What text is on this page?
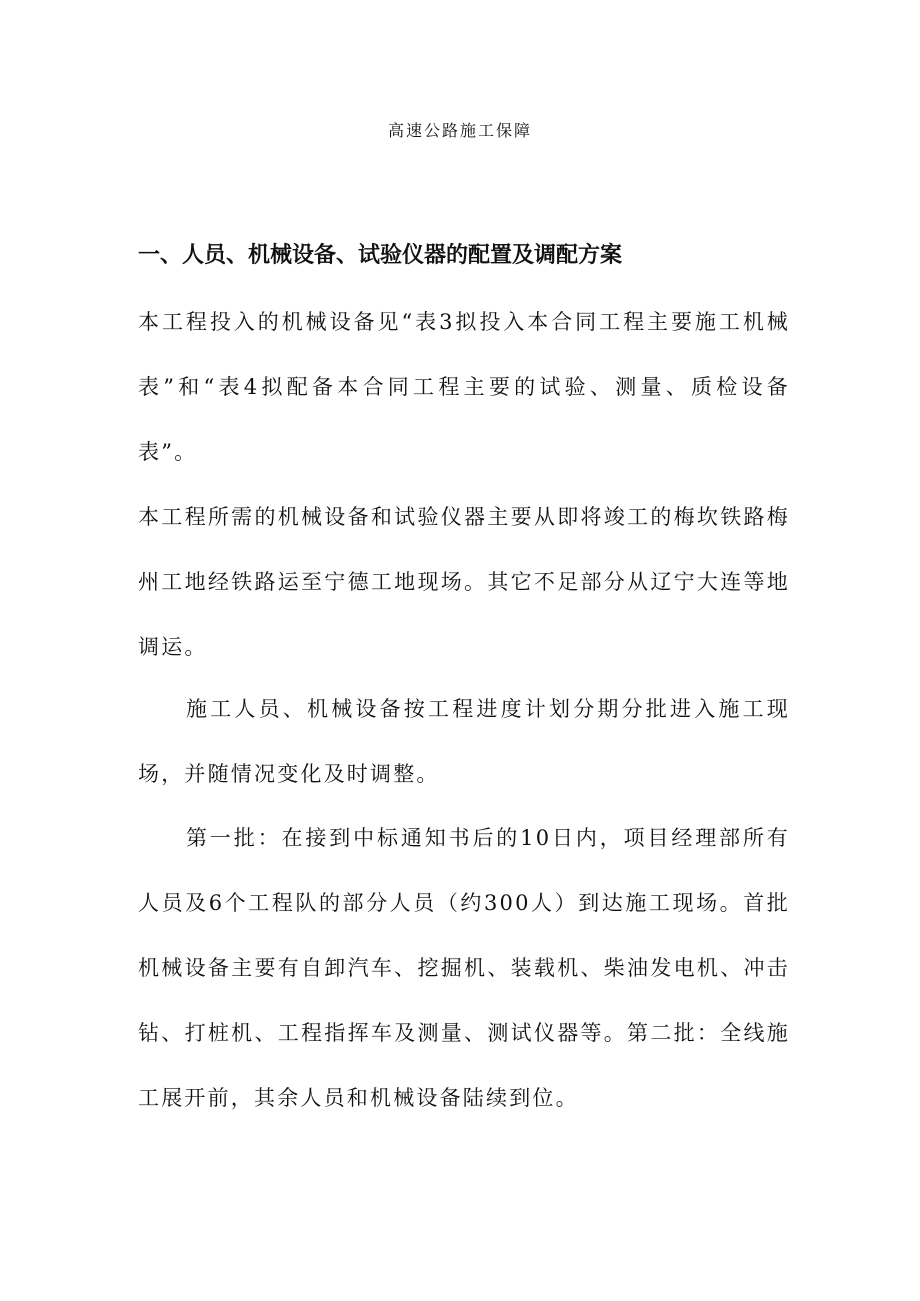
高速公路施工保障
一、人员、机械设备、试验仪器的配置及调配方案

本工程投入的机械设备见“表3拟投入本合同工程主要施工机械表”和“表4拟配备本合同工程主要的试验、测量、质检设备表”。

本工程所需的机械设备和试验仪器主要从即将竣工的梅坎铁路梅州工地经铁路运至宁德工地现场。其它不足部分从辽宁大连等地调运。

施工人员、机械设备按工程进度计划分期分批进入施工现场，并随情况变化及时调整。

第一批：在接到中标通知书后的10日内，项目经理部所有人员及6个工程队的部分人员（约300人）到达施工现场。首批机械设备主要有自卸汽车、挖掘机、装载机、柴油发电机、冲击钻、打桩机、工程指挥车及测量、测试仪器等。第二批：全线施工展开前，其余人员和机械设备陆续到位。
